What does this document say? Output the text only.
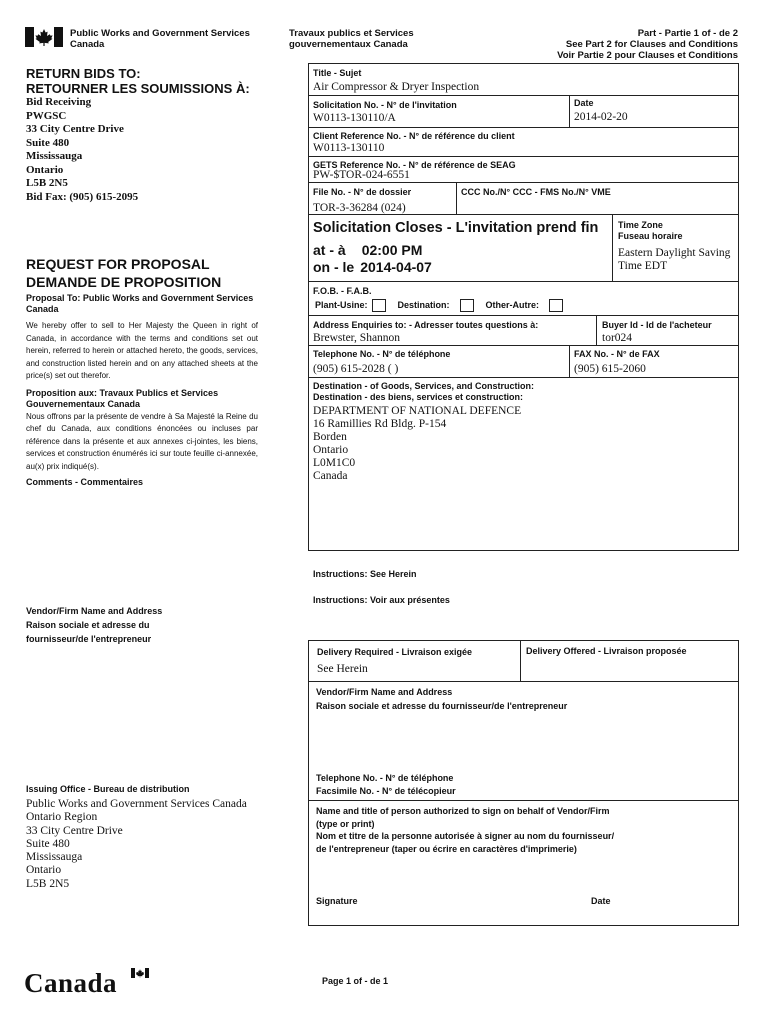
Public Works and Government Services
Canada
Travaux publics et Services
gouvernementaux Canada
Part - Partie 1 of - de 2
See Part 2 for Clauses and Conditions
Voir Partie 2 pour Clauses et Conditions
RETURN BIDS TO:
RETOURNER LES SOUMISSIONS À:
Bid Receiving
PWGSC
33 City Centre Drive
Suite 480
Mississauga
Ontario
L5B 2N5
Bid Fax: (905) 615-2095
REQUEST FOR PROPOSAL
DEMANDE DE PROPOSITION
Proposal To: Public Works and Government Services Canada
We hereby offer to sell to Her Majesty the Queen in right of Canada, in accordance with the terms and conditions set out herein, referred to herein or attached hereto, the goods, services, and construction listed herein and on any attached sheets at the price(s) set out therefor.
Proposition aux: Travaux Publics et Services Gouvernementaux Canada
Nous offrons par la présente de vendre à Sa Majesté la Reine du chef du Canada, aux conditions énoncées ou incluses par référence dans la présente et aux annexes ci-jointes, les biens, services et construction énumérés ici sur toute feuille ci-annexée, au(x) prix indiqué(s).
Comments - Commentaires
Vendor/Firm Name and Address
Raison sociale et adresse du
fournisseur/de l'entrepreneur
Issuing Office - Bureau de distribution
Public Works and Government Services Canada
Ontario Region
33 City Centre Drive
Suite 480
Mississauga
Ontario
L5B 2N5
Title - Sujet
Air Compressor & Dryer Inspection
Solicitation No. - N° de l'invitation
W0113-130110/A
Date
2014-02-20
Client Reference No. - N° de référence du client
W0113-130110
GETS Reference No. - N° de référence de SEAG
PW-$TOR-024-6551
File No. - N° de dossier
TOR-3-36284 (024)
CCC No./N° CCC - FMS No./N° VME
Solicitation Closes - L'invitation prend fin
at - à 02:00 PM
on - le 2014-04-07
Time Zone
Fuseau horaire
Eastern Daylight Saving
Time EDT
F.O.B. - F.A.B.
Plant-Usine:	Destination:	Other-Autre:
Address Enquiries to: - Adresser toutes questions à:
Brewster, Shannon
Buyer Id - Id de l'acheteur
tor024
Telephone No. - N° de téléphone
(905) 615-2028 ( )
FAX No. - N° de FAX
(905) 615-2060
Destination - of Goods, Services, and Construction:
Destination - des biens, services et construction:
DEPARTMENT OF NATIONAL DEFENCE
16 Ramillies Rd Bldg. P-154
Borden
Ontario
L0M1C0
Canada
Instructions: See Herein
Instructions: Voir aux présentes
Delivery Required - Livraison exigée
See Herein
Delivery Offered - Livraison proposée
Vendor/Firm Name and Address
Raison sociale et adresse du fournisseur/de l'entrepreneur
Telephone No. - N° de téléphone
Facsimile No. - N° de télécopieur
Name and title of person authorized to sign on behalf of Vendor/Firm
(type or print)
Nom et titre de la personne autorisée à signer au nom du fournisseur/
de l'entrepreneur (taper ou écrire en caractères d'imprimerie)
Signature	Date
Canada	Page 1 of - de 1
